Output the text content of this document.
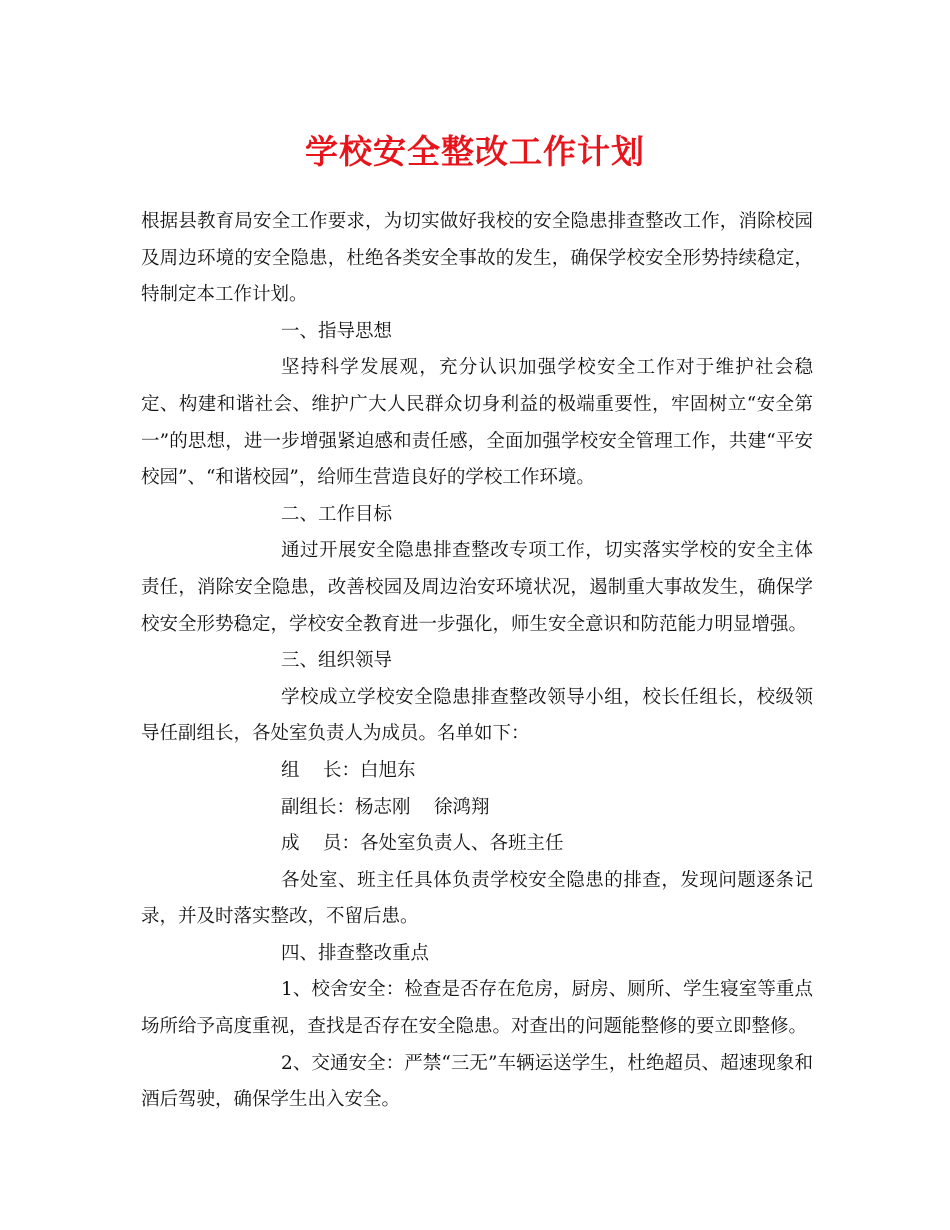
学校安全整改工作计划

根据县教育局安全工作要求，为切实做好我校的安全隐患排查整改工作，消除校园及周边环境的安全隐患，杜绝各类安全事故的发生，确保学校安全形势持续稳定，特制定本工作计划。

一、指导思想

坚持科学发展观，充分认识加强学校安全工作对于维护社会稳定、构建和谐社会、维护广大人民群众切身利益的极端重要性，牢固树立“安全第一”的思想，进一步增强紧迫感和责任感，全面加强学校安全管理工作，共建“平安校园”、“和谐校园”，给师生营造良好的学校工作环境。

二、工作目标

通过开展安全隐患排查整改专项工作，切实落实学校的安全主体责任，消除安全隐患，改善校园及周边治安环境状况，遏制重大事故发生，确保学校安全形势稳定，学校安全教育进一步强化，师生安全意识和防范能力明显增强。

三、组织领导

学校成立学校安全隐患排查整改领导小组，校长任组长，校级领导任副组长，各处室负责人为成员。名单如下：

组    长：白旭东

副组长：杨志刚    徐鸿翔

成    员：各处室负责人、各班主任

各处室、班主任具体负责学校安全隐患的排查，发现问题逐条记录，并及时落实整改，不留后患。

四、排查整改重点

1、校舍安全：检查是否存在危房，厨房、厕所、学生寝室等重点场所给予高度重视，查找是否存在安全隐患。对查出的问题能整修的要立即整修。

2、交通安全：严禁“三无”车辆运送学生，杜绝超员、超速现象和酒后驾驶，确保学生出入安全。
